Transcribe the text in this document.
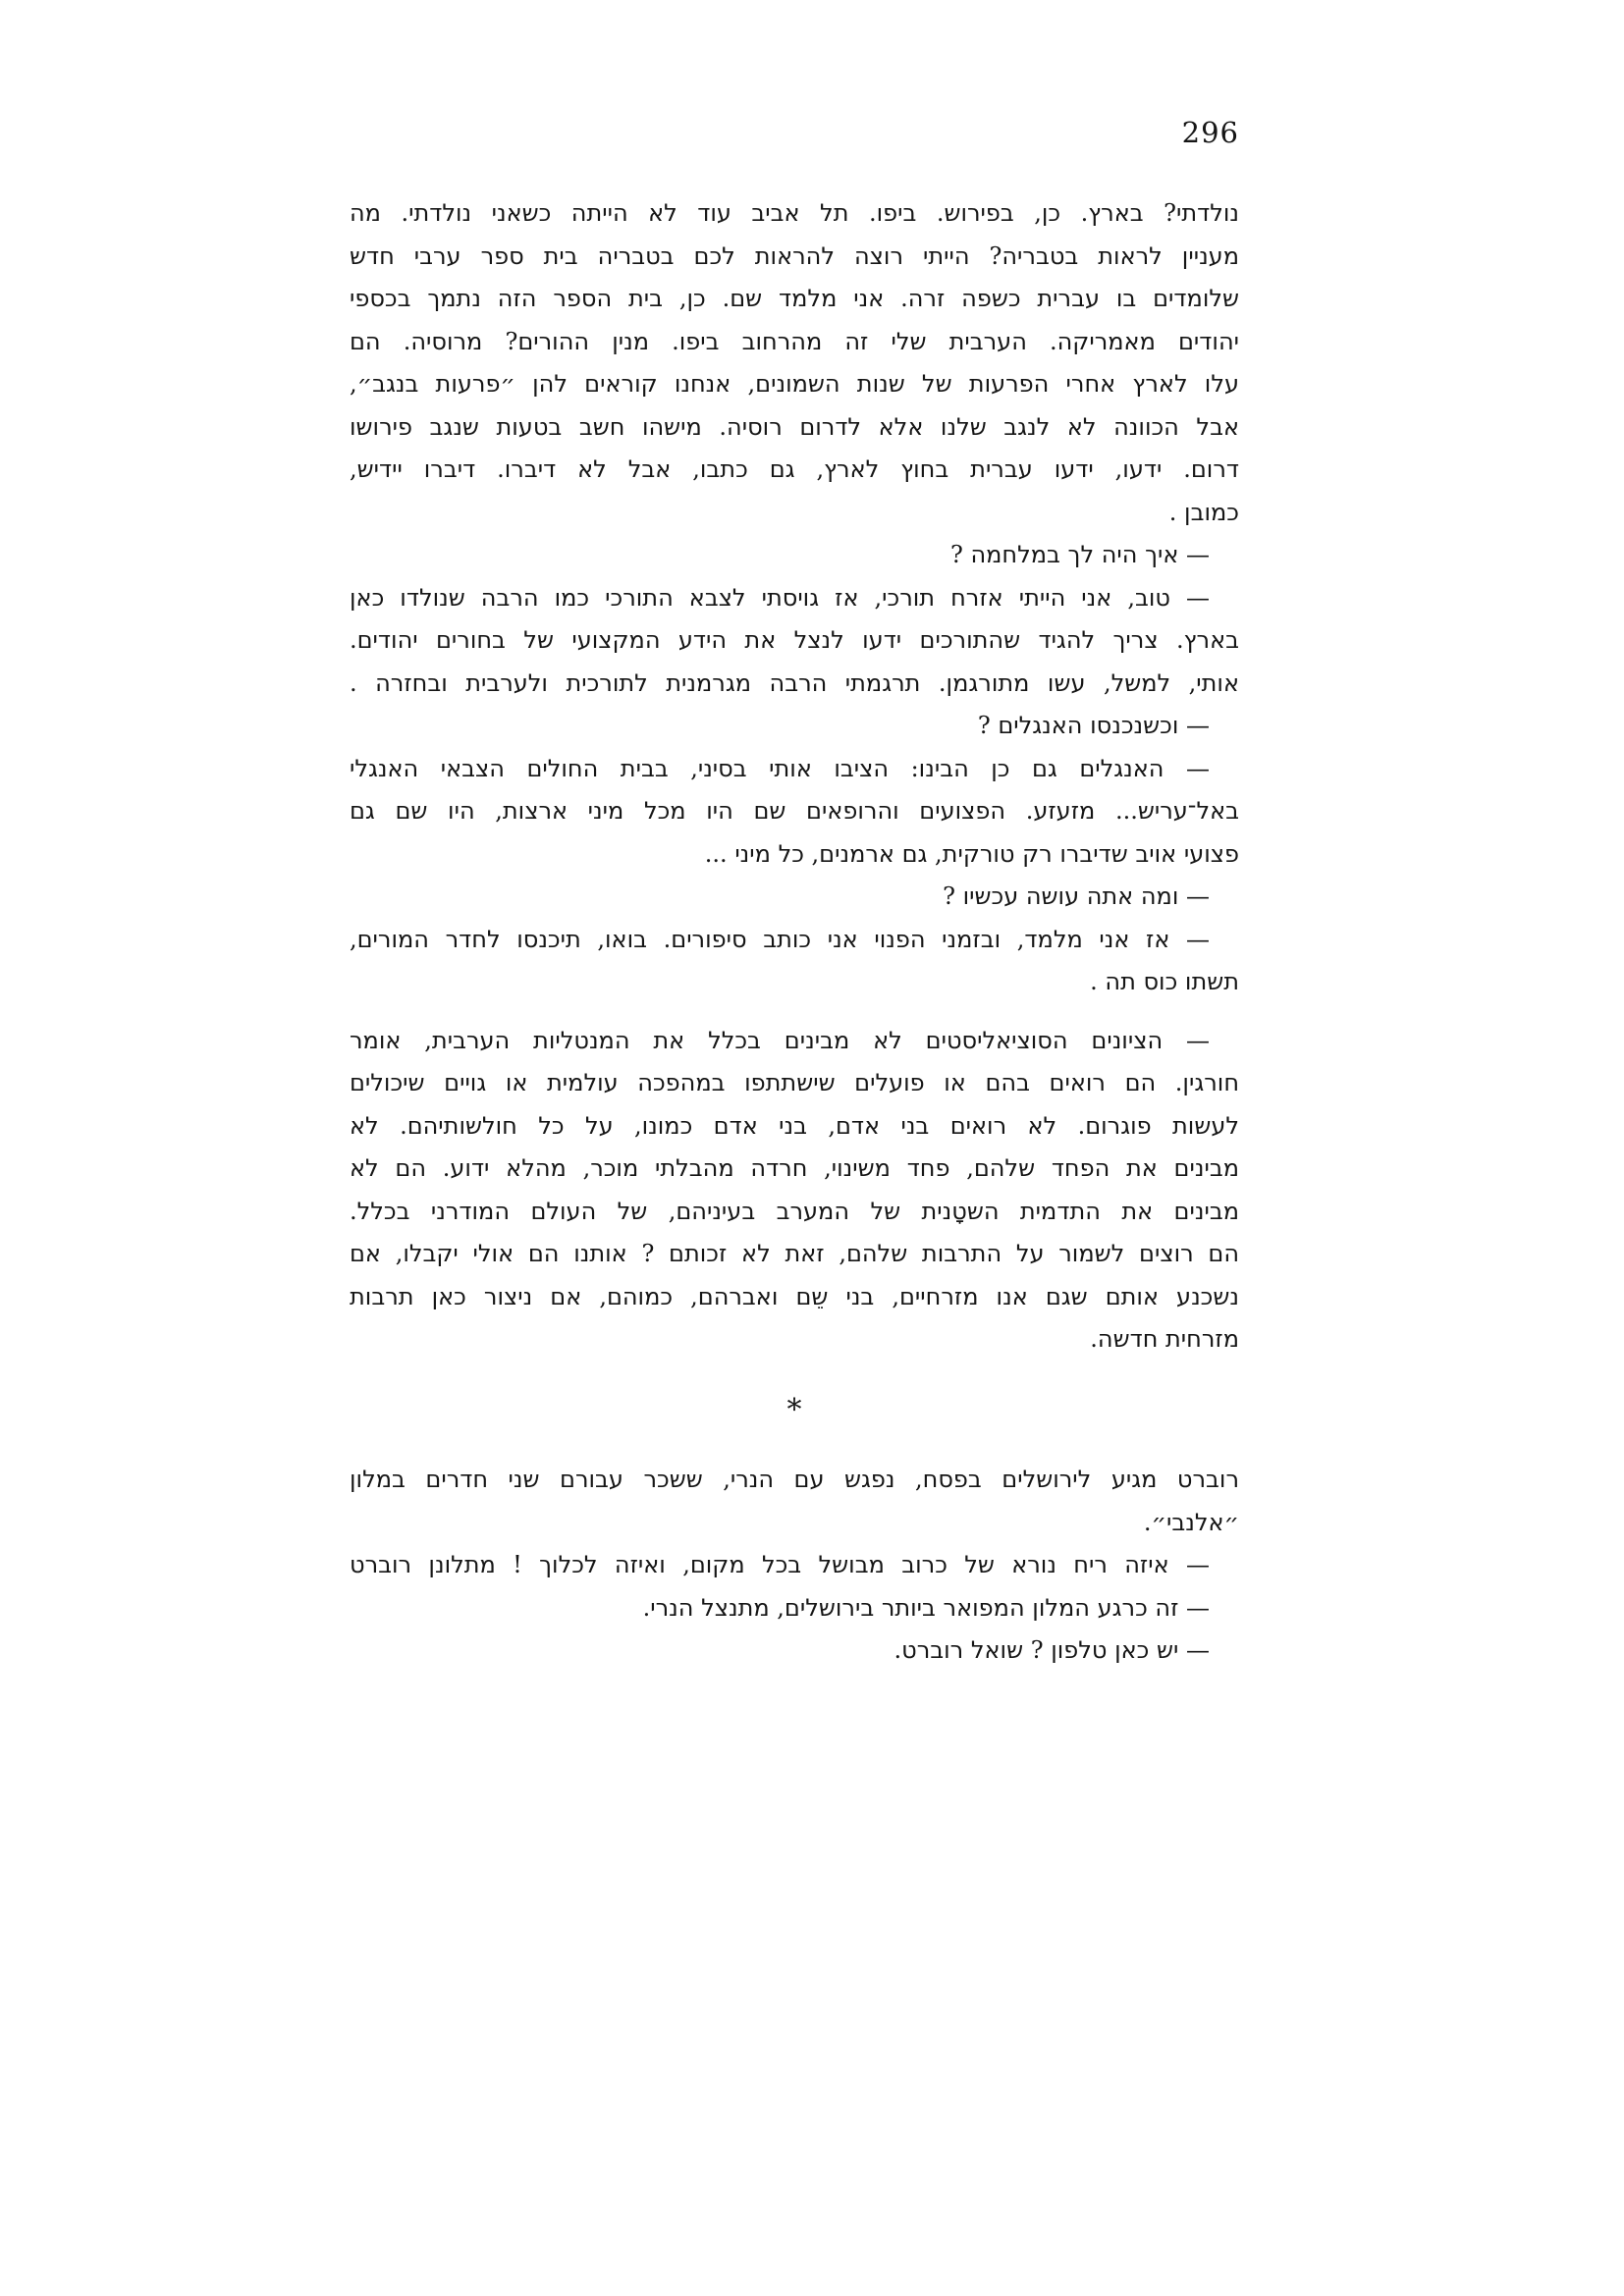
296
נולדתי? בארץ. כן, בפירוש. ביפו. תל אביב עוד לא הייתה כשאני נולדתי. מה
מעניין לראות בטבריה? הייתי רוצה להראות לכם בטבריה בית ספר ערבי חדש
שלומדים בו עברית כשפה זרה. אני מלמד שם. כן, בית הספר הזה נתמך בכספי
יהודים מאמריקה. הערבית שלי זה מהרחוב ביפו. מנין ההורים? מרוסיה. הם
עלו לארץ אחרי הפרעות של שנות השמונים, אנחנו קוראים להן ״פרעות בנגב״,
אבל הכוונה לא לנגב שלנו אלא לדרום רוסיה. מישהו חשב בטעות שנגב פירושו
דרום. ידעו, ידעו עברית בחוץ לארץ, גם כתבו, אבל לא דיברו. דיברו יידיש,
כמובן .
— איך היה לך במלחמה ?
— טוב, אני הייתי אזרח תורכי, אז גויסתי לצבא התורכי כמו הרבה שנולדו כאן
בארץ. צריך להגיד שהתורכים ידעו לנצל את הידע המקצועי של בחורים יהודים.
אותי, למשל, עשו מתורגמן. תרגמתי הרבה מגרמנית לתורכית ולערבית ובחזרה .
— וכשנכנסו האנגלים ?
— האנגלים גם כן הבינו: הציבו אותי בסיני, בבית החולים הצבאי האנגלי
באל־עריש... מזעזע. הפצועים והרופאים שם היו מכל מיני ארצות, היו שם גם
פצועי אויב שדיברו רק טורקית, גם ארמנים, כל מיני ...
— ומה אתה עושה עכשיו ?
— אז אני מלמד, ובזמני הפנוי אני כותב סיפורים. בואו, תיכנסו לחדר המורים,
תשתו כוס תה .
— הציונים הסוציאליסטים לא מבינים בכלל את המנטליות הערבית, אומר
חורגין. הם רואים בהם או פועלים שישתתפו במהפכה עולמית או גויים שיכולים
לעשות פוגרום. לא רואים בני אדם, בני אדם כמונו, על כל חולשותיהם. לא
מבינים את הפחד שלהם, פחד משינוי, חרדה מהבלתי מוכר, מהלא ידוע. הם לא
מבינים את התדמית השטָנית של המערב בעיניהם, של העולם המודרני בכלל.
הם רוצים לשמור על התרבות שלהם, זאת לא זכותם ? אותנו הם אולי יקבלו, אם
נשכנע אותם שגם אנו מזרחיים, בני שֵם ואברהם, כמוהם, אם ניצור כאן תרבות
מזרחית חדשה.
*
רוברט מגיע לירושלים בפסח, נפגש עם הנרי, ששכר עבורם שני חדרים במלון
״אלנבי״.
— איזה ריח נורא של כרוב מבושל בכל מקום, ואיזה לכלוך ! מתלונן רוברט
— זה כרגע המלון המפואר ביותר בירושלים, מתנצל הנרי.
— יש כאן טלפון ? שואל רוברט.
